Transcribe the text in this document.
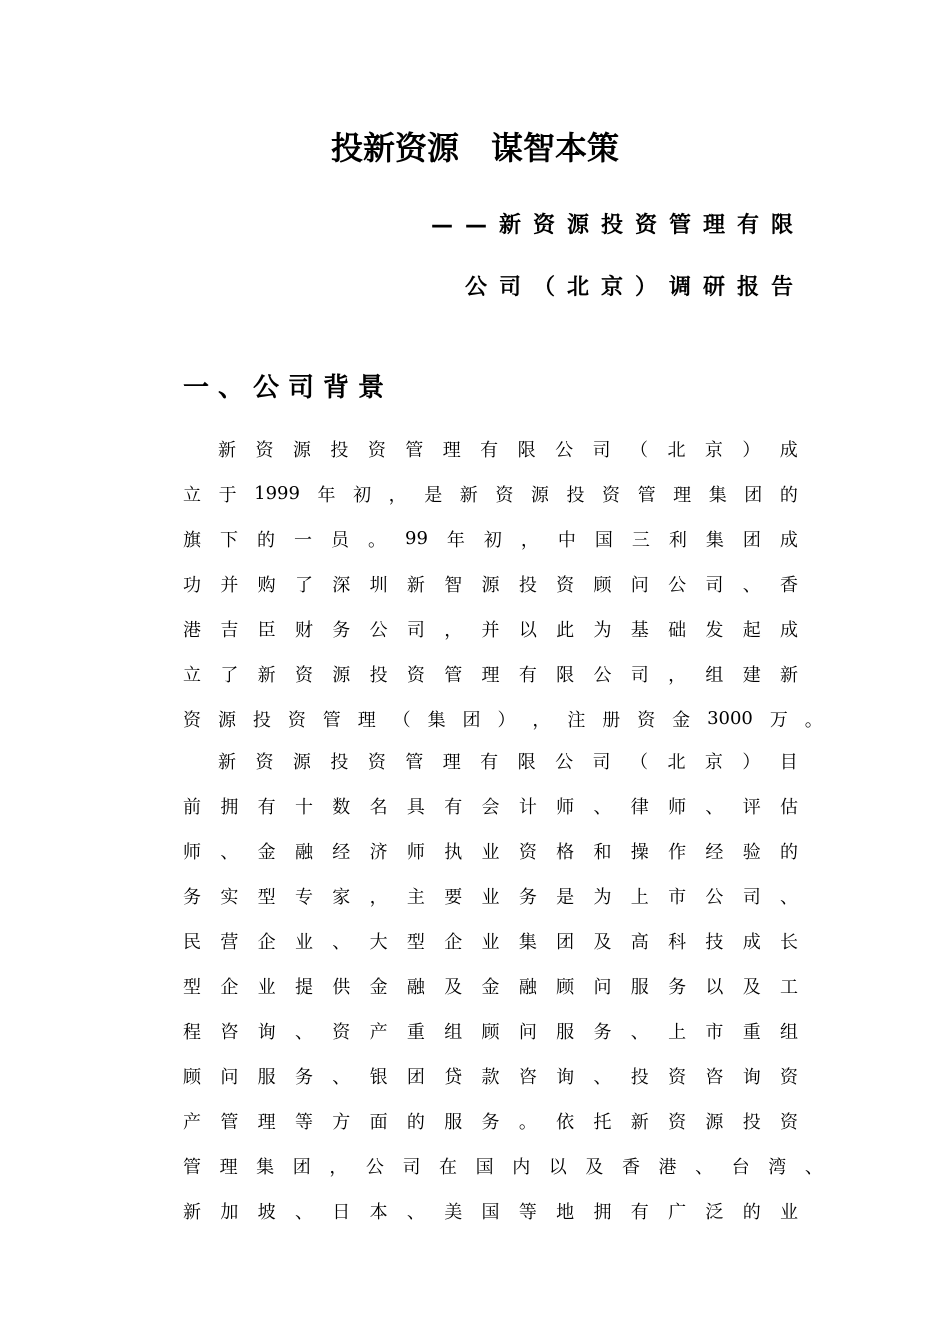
投新资源　谋智本策
——新资源投资管理有限
公司（北京）调研报告
一、公司背景
新 资 源 投 资 管 理 有 限 公 司 （ 北 京 ） 成
立 于 1999 年 初 ， 是 新 资 源 投 资 管 理 集 团 的
旗 下 的 一 员 。 99 年 初 ， 中 国 三 利 集 团 成
功 并 购 了 深 圳 新 智 源 投 资 顾 问 公 司 、 香
港 吉 臣 财 务 公 司 ， 并 以 此 为 基 础 发 起 成
立 了 新 资 源 投 资 管 理 有 限 公 司 ， 组 建 新
资 源 投 资 管 理 （ 集 团 ） ， 注 册 资 金 3000 万 。
新 资 源 投 资 管 理 有 限 公 司 （ 北 京 ） 目
前 拥 有 十 数 名 具 有 会 计 师 、 律 师 、 评 估
师 、 金 融 经 济 师 执 业 资 格 和 操 作 经 验 的
务 实 型 专 家 ， 主 要 业 务 是 为 上 市 公 司 、
民 营 企 业 、 大 型 企 业 集 团 及 高 科 技 成 长
型 企 业 提 供 金 融 及 金 融 顾 问 服 务 以 及 工
程 咨 询 、 资 产 重 组 顾 问 服 务 、 上 市 重 组
顾 问 服 务 、 银 团 贷 款 咨 询 、 投 资 咨 询 资
产 管 理 等 方 面 的 服 务 。 依 托 新 资 源 投 资
管 理 集 团 ， 公 司 在 国 内 以 及 香 港 、 台 湾 、
新 加 坡 、 日 本 、 美 国 等 地 拥 有 广 泛 的 业
